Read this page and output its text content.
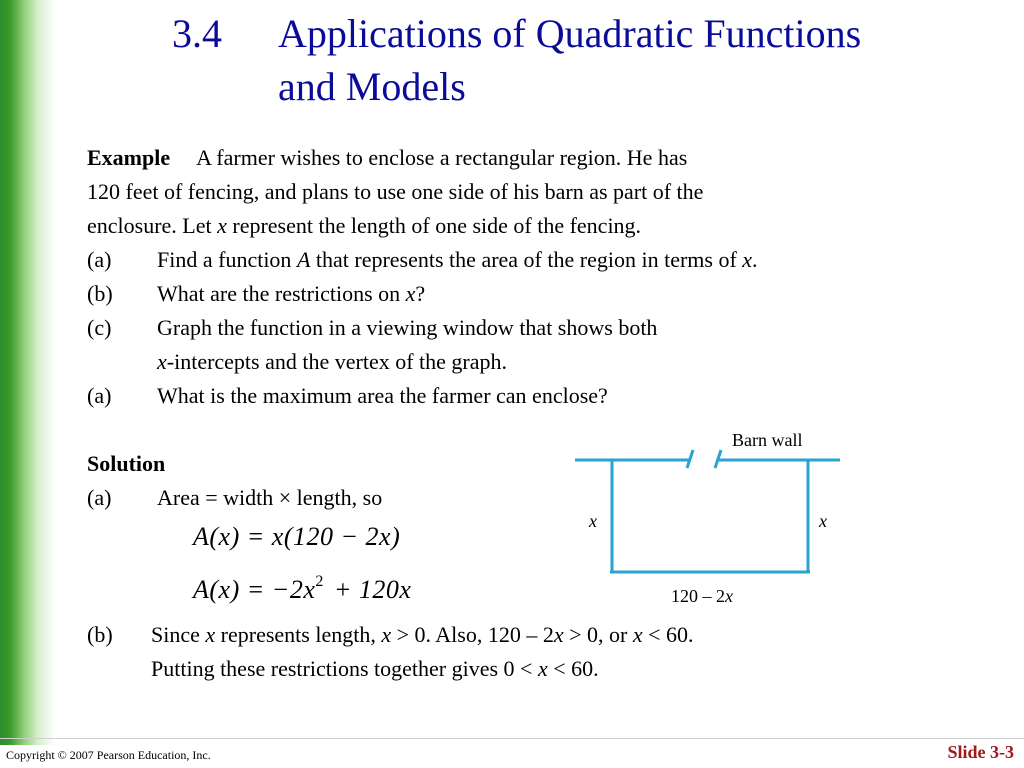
3.4 Applications of Quadratic Functions
and Models
Example A farmer wishes to enclose a rectangular region. He has
120 feet of fencing, and plans to use one side of his barn as part of the
enclosure. Let x represent the length of one side of the fencing.
(a) Find a function A that represents the area of the region in terms of x.
(b) What are the restrictions on x?
(c) Graph the function in a viewing window that shows both
x-intercepts and the vertex of the graph.
(a) What is the maximum area the farmer can enclose?
Solution
(a) Area = width × length, so
A(x) = x(120 − 2x)
$A(x) = -2x^2 + 120x$
(b) Since x represents length, x > 0. Also, 120 – 2x > 0, or x < 60.
Putting these restrictions together gives 0 < x < 60.
Barn wall
x	x
120 – 2x
Copyright © 2007 Pearson Education, Inc.	Slide 3-3
